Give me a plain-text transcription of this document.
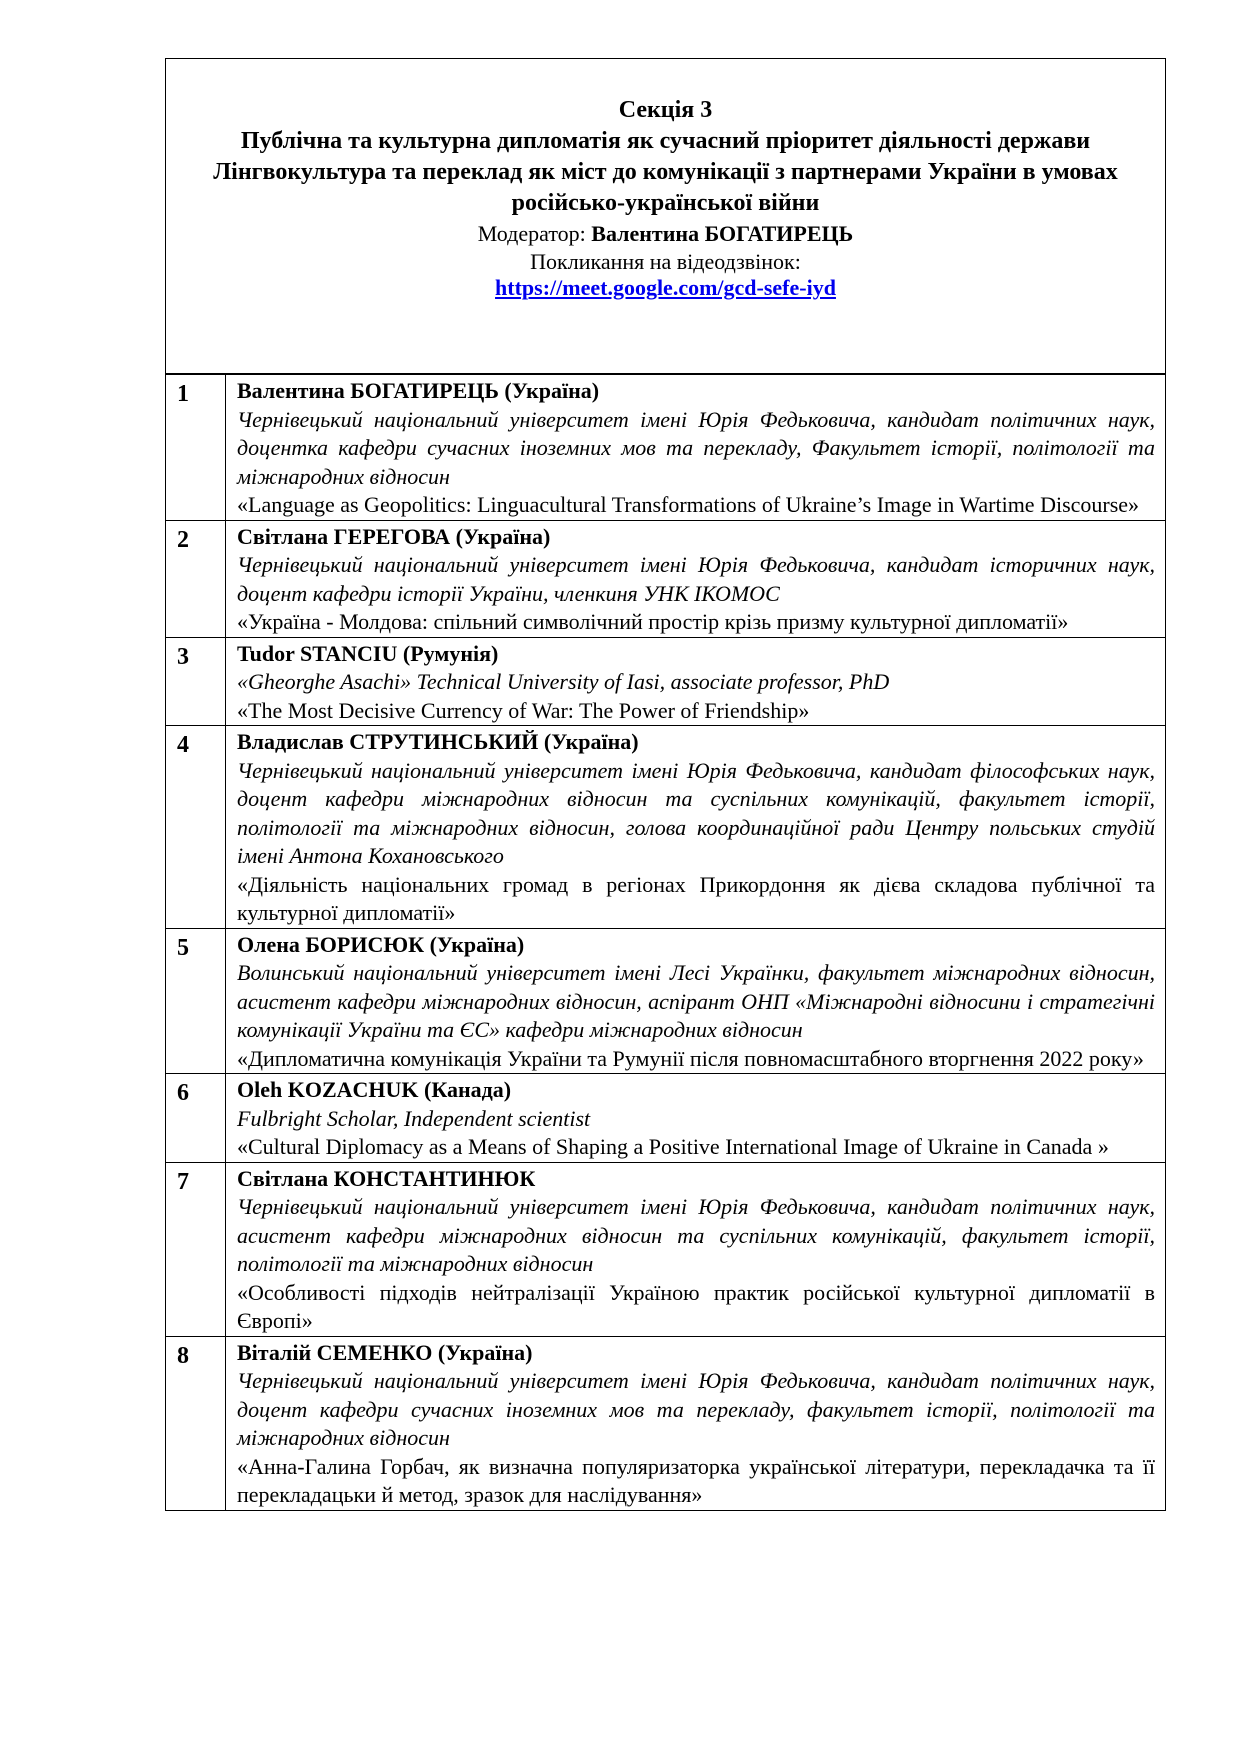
Секція 3

Публічна та культурна дипломатія як сучасний пріоритет діяльності держави

Лінгвокультура та переклад як міст до комунікації з партнерами України в умовах російсько-української війни

Модератор: Валентина БОГАТИРЕЦЬ

Покликання на відеодзвінок:

https://meet.google.com/gcd-sefe-iyd

1	Валентина БОГАТИРЕЦЬ (Україна)
Чернівецький національний університет імені Юрія Федьковича, кандидат політичних наук, доцентка кафедри сучасних іноземних мов та перекладу, Факультет історії, політології та міжнародних відносин
«Language as Geopolitics: Linguacultural Transformations of Ukraine’s Image in Wartime Discourse»

2	Світлана ГЕРЕГОВА (Україна)
Чернівецький національний університет імені Юрія Федьковича, кандидат історичних наук, доцент кафедри історії України, членкиня УНК ІКОМОС
«Україна - Молдова: спільний символічний простір крізь призму культурної дипломатії»

3	Tudor STANCIU (Румунія)
«Gheorghe Asachi» Technical University of Iasi, associate professor, PhD
«The Most Decisive Currency of War: The Power of Friendship»

4	Владислав СТРУТИНСЬКИЙ (Україна)
Чернівецький національний університет імені Юрія Федьковича, кандидат філософських наук, доцент кафедри міжнародних відносин та суспільних комунікацій, факультет історії, політології та міжнародних відносин, голова координаційної ради Центру польських студій імені Антона Кохановського
«Діяльність національних громад в регіонах Прикордоння як дієва складова публічної та культурної дипломатії»

5	Олена БОРИСЮК (Україна)
Волинський національний університет імені Лесі Українки, факультет міжнародних відносин, асистент кафедри міжнародних відносин, аспірант ОНП «Міжнародні відносини і стратегічні комунікації України та ЄС» кафедри міжнародних відносин
«Дипломатична комунікація України та Румунії після повномасштабного вторгнення 2022 року»

6	Oleh KOZACHUK (Канада)
Fulbright Scholar, Independent scientist
«Cultural Diplomacy as a Means of Shaping a Positive International Image of Ukraine in Canada »

7	Світлана КОНСТАНТИНЮК
Чернівецький національний університет імені Юрія Федьковича, кандидат політичних наук, асистент кафедри міжнародних відносин та суспільних комунікацій, факультет історії, політології та міжнародних відносин
«Особливості підходів нейтралізації Україною практик російської культурної дипломатії в Європі»

8	Віталій СЕМЕНКО (Україна)
Чернівецький національний університет імені Юрія Федьковича, кандидат політичних наук, доцент кафедри сучасних іноземних мов та перекладу, факультет історії, політології та міжнародних відносин
«Анна-Галина Горбач, як визначна популяризаторка української літератури, перекладачка та її перекладацьки й метод, зразок для наслідування»
